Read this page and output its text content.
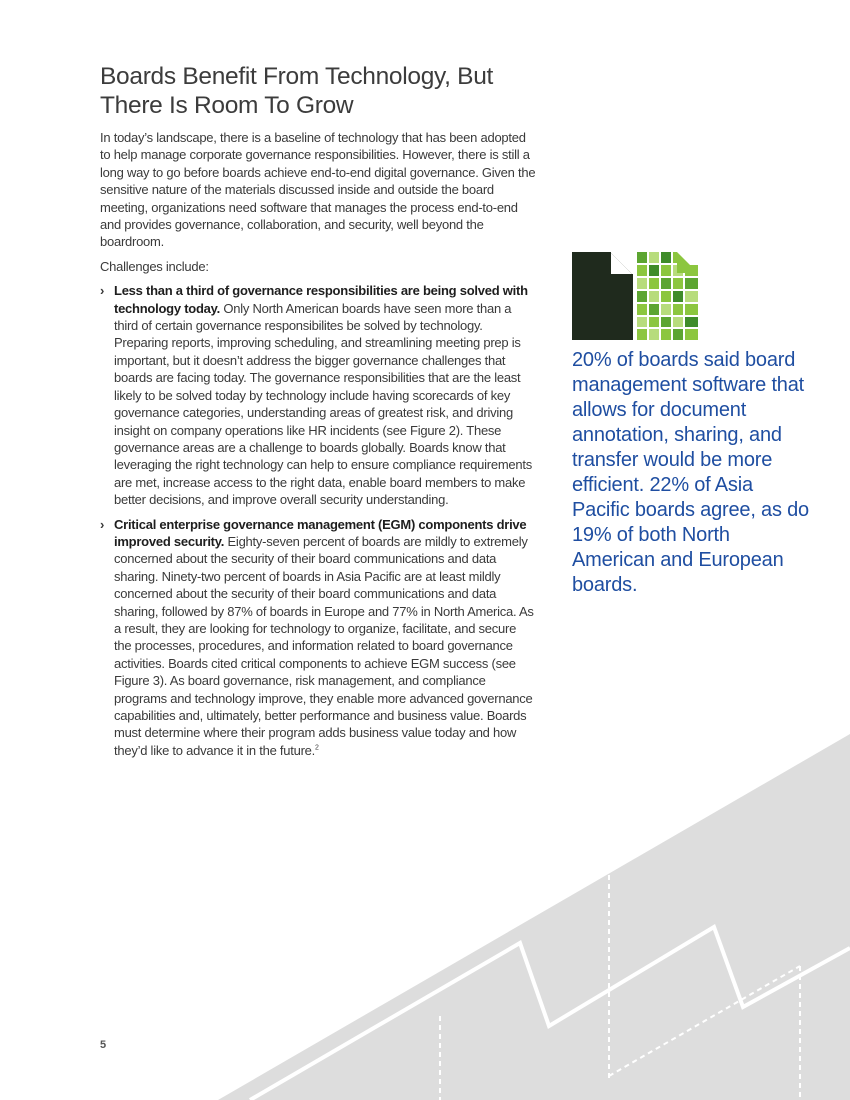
Boards Benefit From Technology, But There Is Room To Grow

In today’s landscape, there is a baseline of technology that has been adopted to help manage corporate governance responsibilities. However, there is still a long way to go before boards achieve end-to-end digital governance. Given the sensitive nature of the materials discussed inside and outside the board meeting, organizations need software that manages the process end-to-end and provides governance, collaboration, and security, well beyond the boardroom.

Challenges include:

› Less than a third of governance responsibilities are being solved with technology today. Only North American boards have seen more than a third of certain governance responsibilites be solved by technology. Preparing reports, improving scheduling, and streamlining meeting prep is important, but it doesn’t address the bigger governance challenges that boards are facing today. The governance responsibilities that are the least likely to be solved today by technology include having scorecards of key governance categories, understanding areas of greatest risk, and driving insight on company operations like HR incidents (see Figure 2). These governance areas are a challenge to boards globally. Boards know that leveraging the right technology can help to ensure compliance requirements are met, increase access to the right data, enable board members to make better decisions, and improve overall security understanding.

› Critical enterprise governance management (EGM) components drive improved security. Eighty-seven percent of boards are mildly to extremely concerned about the security of their board communications and data sharing. Ninety-two percent of boards in Asia Pacific are at least mildly concerned about the security of their board communications and data sharing, followed by 87% of boards in Europe and 77% in North America. As a result, they are looking for technology to organize, facilitate, and secure the processes, procedures, and information related to board governance activities. Boards cited critical components to achieve EGM success (see Figure 3). As board governance, risk management, and compliance programs and technology improve, they enable more advanced governance capabilities and, ultimately, better performance and business value. Boards must determine where their program adds business value today and how they’d like to advance it in the future.$^2$

20% of boards said board management software that allows for document annotation, sharing, and transfer would be more efficient. 22% of Asia Pacific boards agree, as do 19% of both North American and European boards.

5
